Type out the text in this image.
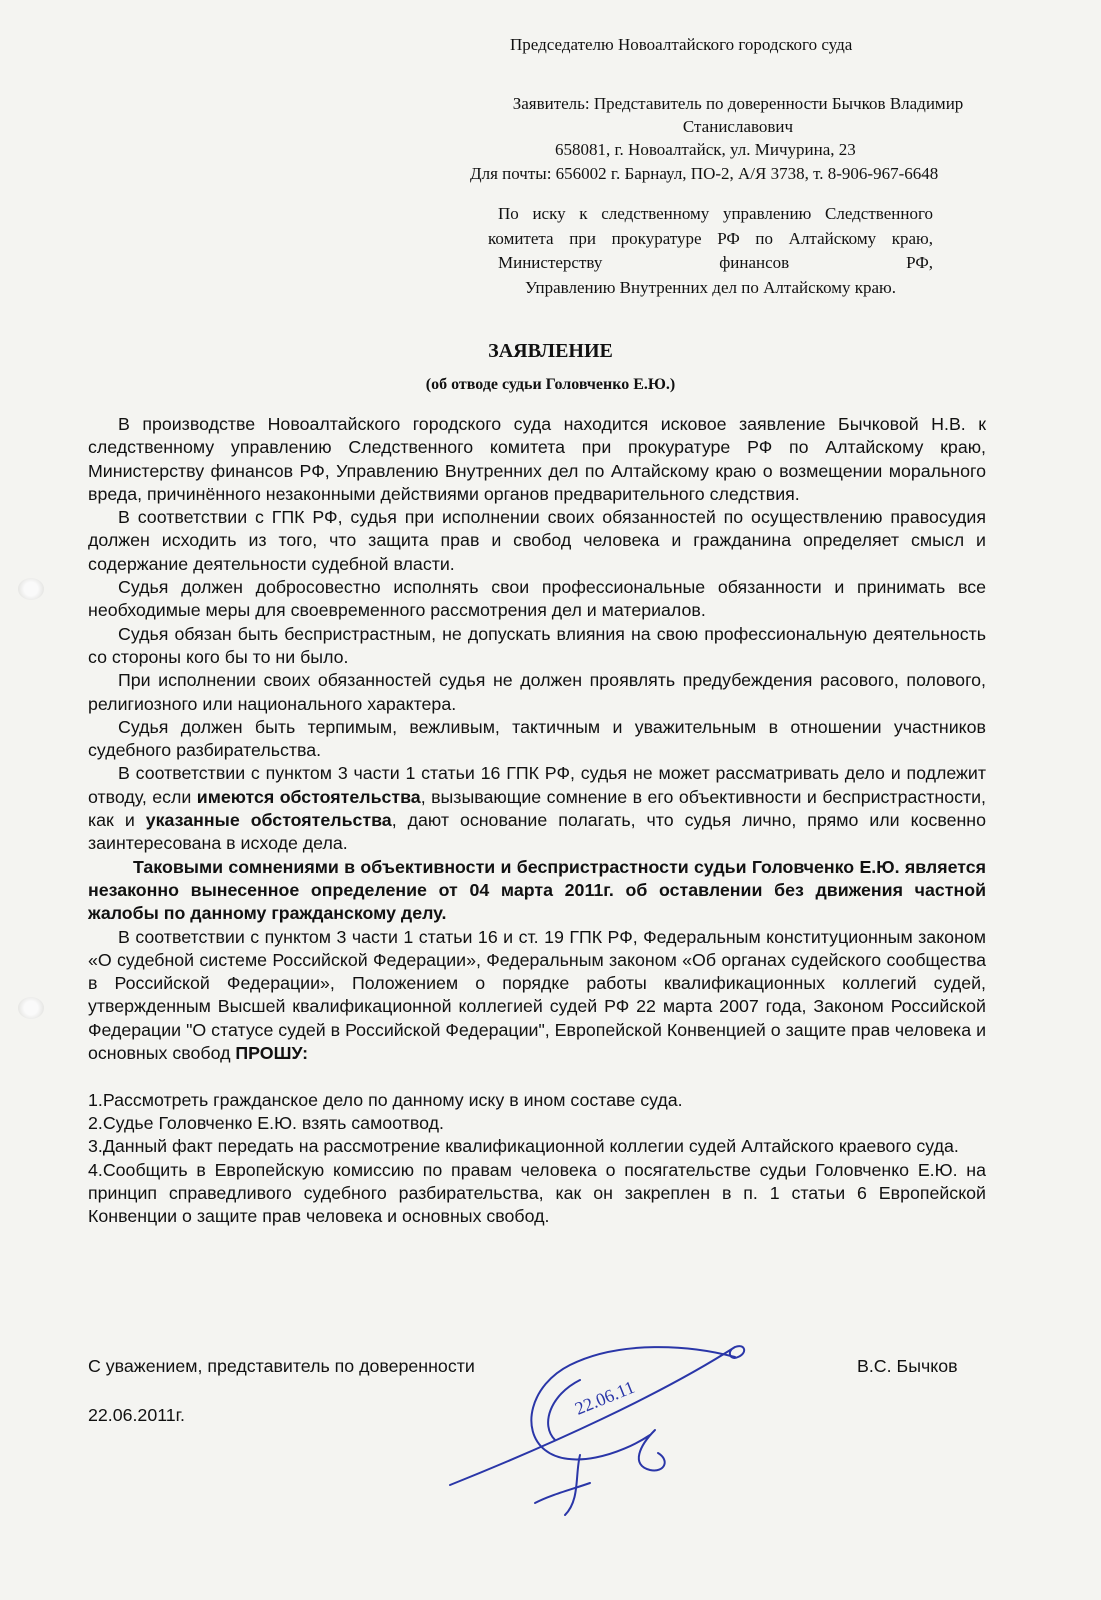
Председателю Новоалтайского городского суда
Заявитель: Представитель по доверенности Бычков Владимир Станиславович
658081, г. Новоалтайск, ул. Мичурина, 23
Для почты: 656002 г. Барнаул, ПО-2, А/Я 3738, т. 8-906-967-6648
По иску к следственному управлению Следственного
комитета при прокуратуре РФ по Алтайскому краю,
Министерству финансов РФ,
Управлению Внутренних дел по Алтайскому краю.
ЗАЯВЛЕНИЕ
(об отводе судьи Головченко Е.Ю.)

В производстве Новоалтайского городского суда находится исковое заявление Бычковой Н.В. к следственному управлению Следственного комитета при прокуратуре РФ по Алтайскому краю, Министерству финансов РФ, Управлению Внутренних дел по Алтайскому краю о возмещении морального вреда, причинённого незаконными действиями органов предварительного следствия.

В соответствии с ГПК РФ, судья при исполнении своих обязанностей по осуществлению правосудия должен исходить из того, что защита прав и свобод человека и гражданина определяет смысл и содержание деятельности судебной власти.

Судья должен добросовестно исполнять свои профессиональные обязанности и принимать все необходимые меры для своевременного рассмотрения дел и материалов.

Судья обязан быть беспристрастным, не допускать влияния на свою профессиональную деятельность со стороны кого бы то ни было.

При исполнении своих обязанностей судья не должен проявлять предубеждения расового, полового, религиозного или национального характера.

Судья должен быть терпимым, вежливым, тактичным и уважительным в отношении участников судебного разбирательства.

В соответствии с пунктом 3 части 1 статьи 16 ГПК РФ, судья не может рассматривать дело и подлежит отводу, если имеются обстоятельства, вызывающие сомнение в его объективности и беспристрастности, как и указанные обстоятельства, дают основание полагать, что судья лично, прямо или косвенно заинтересована в исходе дела.

Таковыми сомнениями в объективности и беспристрастности судьи Головченко Е.Ю. является незаконно вынесенное определение от 04 марта 2011г. об оставлении без движения частной жалобы по данному гражданскому делу.

В соответствии с пунктом 3 части 1 статьи 16 и ст. 19 ГПК РФ, Федеральным конституционным законом «О судебной системе Российской Федерации», Федеральным законом «Об органах судейского сообщества в Российской Федерации», Положением о порядке работы квалификационных коллегий судей, утвержденным Высшей квалификационной коллегией судей РФ 22 марта 2007 года, Законом Российской Федерации "О статусе судей в Российской Федерации", Европейской Конвенцией о защите прав человека и основных свобод ПРОШУ:

1.Рассмотреть гражданское дело по данному иску в ином составе суда.

2.Судье Головченко Е.Ю. взять самоотвод.

3.Данный факт передать на рассмотрение квалификационной коллегии судей Алтайского краевого суда.

4.Сообщить в Европейскую комиссию по правам человека о посягательстве судьи Головченко Е.Ю. на принцип справедливого судебного разбирательства, как он закреплен в п. 1 статьи 6 Европейской Конвенции о защите прав человека и основных свобод.

С уважением, представитель по доверенности	В.С. Бычков
22.06.2011г.	22.06.11
